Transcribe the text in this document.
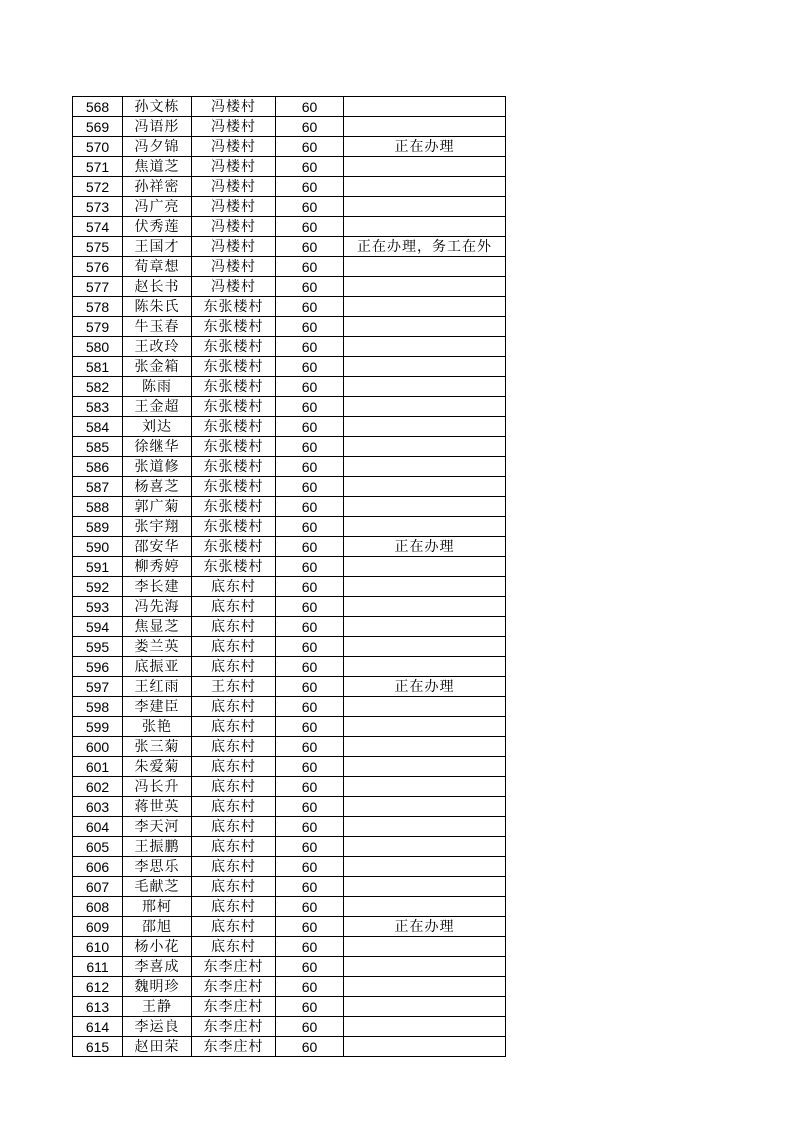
568	孙文栋	冯楼村	60	
569	冯语彤	冯楼村	60	
570	冯夕锦	冯楼村	60	正在办理
571	焦道芝	冯楼村	60	
572	孙祥密	冯楼村	60	
573	冯广亮	冯楼村	60	
574	伏秀莲	冯楼村	60	
575	王国才	冯楼村	60	正在办理，务工在外
576	荀章想	冯楼村	60	
577	赵长书	冯楼村	60	
578	陈朱氏	东张楼村	60	
579	牛玉春	东张楼村	60	
580	王改玲	东张楼村	60	
581	张金箱	东张楼村	60	
582	陈雨	东张楼村	60	
583	王金超	东张楼村	60	
584	刘达	东张楼村	60	
585	徐继华	东张楼村	60	
586	张道修	东张楼村	60	
587	杨喜芝	东张楼村	60	
588	郭广菊	东张楼村	60	
589	张宇翔	东张楼村	60	
590	邵安华	东张楼村	60	正在办理
591	柳秀婷	东张楼村	60	
592	李长建	底东村	60	
593	冯先海	底东村	60	
594	焦显芝	底东村	60	
595	娄兰英	底东村	60	
596	底振亚	底东村	60	
597	王红雨	王东村	60	正在办理
598	李建臣	底东村	60	
599	张艳	底东村	60	
600	张三菊	底东村	60	
601	朱爱菊	底东村	60	
602	冯长升	底东村	60	
603	蒋世英	底东村	60	
604	李天河	底东村	60	
605	王振鹏	底东村	60	
606	李思乐	底东村	60	
607	毛献芝	底东村	60	
608	邢柯	底东村	60	
609	邵旭	底东村	60	正在办理
610	杨小花	底东村	60	
611	李喜成	东李庄村	60	
612	魏明珍	东李庄村	60	
613	王静	东李庄村	60	
614	李运良	东李庄村	60	
615	赵田荣	东李庄村	60	
